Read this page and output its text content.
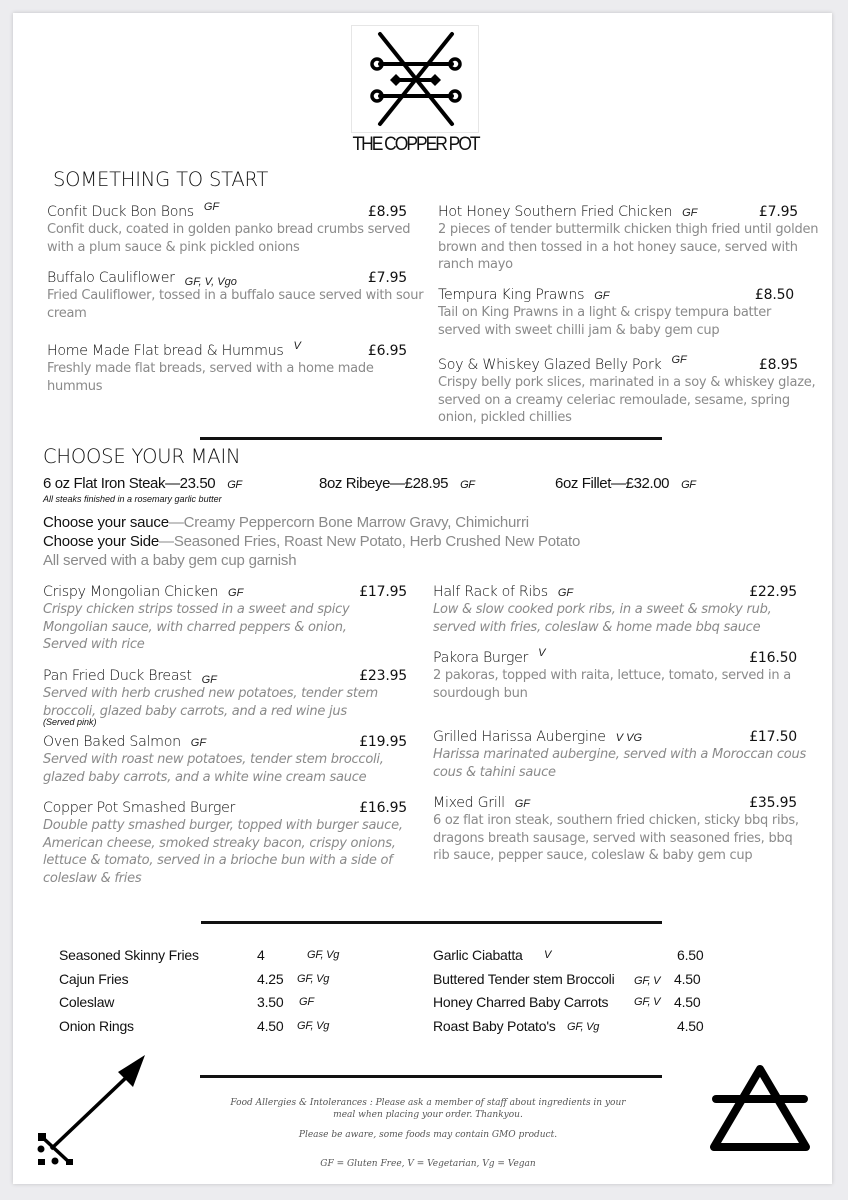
THE COPPER POT
SOMETHING TO START
Confit Duck Bon Bons GF	£8.95
Confit duck, coated in golden panko bread crumbs served with a plum sauce & pink pickled onions
Buffalo Cauliflower GF, V, Vgo	£7.95
Fried Cauliflower, tossed in a buffalo sauce served with sour cream
Home Made Flat bread & Hummus V	£6.95
Freshly made flat breads, served with a home made hummus
Hot Honey Southern Fried Chicken GF	£7.95
2 pieces of tender buttermilk chicken thigh fried until golden brown and then tossed in a hot honey sauce, served with ranch mayo
Tempura King Prawns GF	£8.50
Tail on King Prawns in a light & crispy tempura batter served with sweet chilli jam & baby gem cup
Soy & Whiskey Glazed Belly Pork GF	£8.95
Crispy belly pork slices, marinated in a soy & whiskey glaze, served on a creamy celeriac remoulade, sesame, spring onion, pickled chillies
CHOOSE YOUR MAIN
6 oz Flat Iron Steak—23.50 GF	8oz Ribeye—£28.95 GF	6oz Fillet—£32.00 GF
All steaks finished in a rosemary garlic butter
Choose your sauce—Creamy Peppercorn Bone Marrow Gravy, Chimichurri
Choose your Side—Seasoned Fries, Roast New Potato, Herb Crushed New Potato
All served with a baby gem cup garnish
Crispy Mongolian Chicken GF	£17.95
Crispy chicken strips tossed in a sweet and spicy Mongolian sauce, with charred peppers & onion, Served with rice
Pan Fried Duck Breast GF	£23.95
Served with herb crushed new potatoes, tender stem broccoli, glazed baby carrots, and a red wine jus
(Served pink)
Oven Baked Salmon GF	£19.95
Served with roast new potatoes, tender stem broccoli, glazed baby carrots, and a white wine cream sauce
Copper Pot Smashed Burger	£16.95
Double patty smashed burger, topped with burger sauce, American cheese, smoked streaky bacon, crispy onions, lettuce & tomato, served in a brioche bun with a side of coleslaw & fries
Half Rack of Ribs GF	£22.95
Low & slow cooked pork ribs, in a sweet & smoky rub, served with fries, coleslaw & home made bbq sauce
Pakora Burger V	£16.50
2 pakoras, topped with raita, lettuce, tomato, served in a sourdough bun
Grilled Harissa Aubergine V VG	£17.50
Harissa marinated aubergine, served with a Moroccan cous cous & tahini sauce
Mixed Grill GF	£35.95
6 oz flat iron steak, southern fried chicken, sticky bbq ribs, dragons breath sausage, served with seasoned fries, bbq rib sauce, pepper sauce, coleslaw & baby gem cup
Seasoned Skinny Fries	4	GF, Vg
Cajun Fries	4.25 GF, Vg
Coleslaw	3.50 GF
Onion Rings	4.50 GF, Vg
Garlic Ciabatta V	6.50
Buttered Tender stem Broccoli GF, V 4.50
Honey Charred Baby Carrots GF, V 4.50
Roast Baby Potato's GF, Vg	4.50
Food Allergies & Intolerances : Please ask a member of staff about ingredients in your meal when placing your order. Thankyou.
Please be aware, some foods may contain GMO product.
GF = Gluten Free, V = Vegetarian, Vg = Vegan
